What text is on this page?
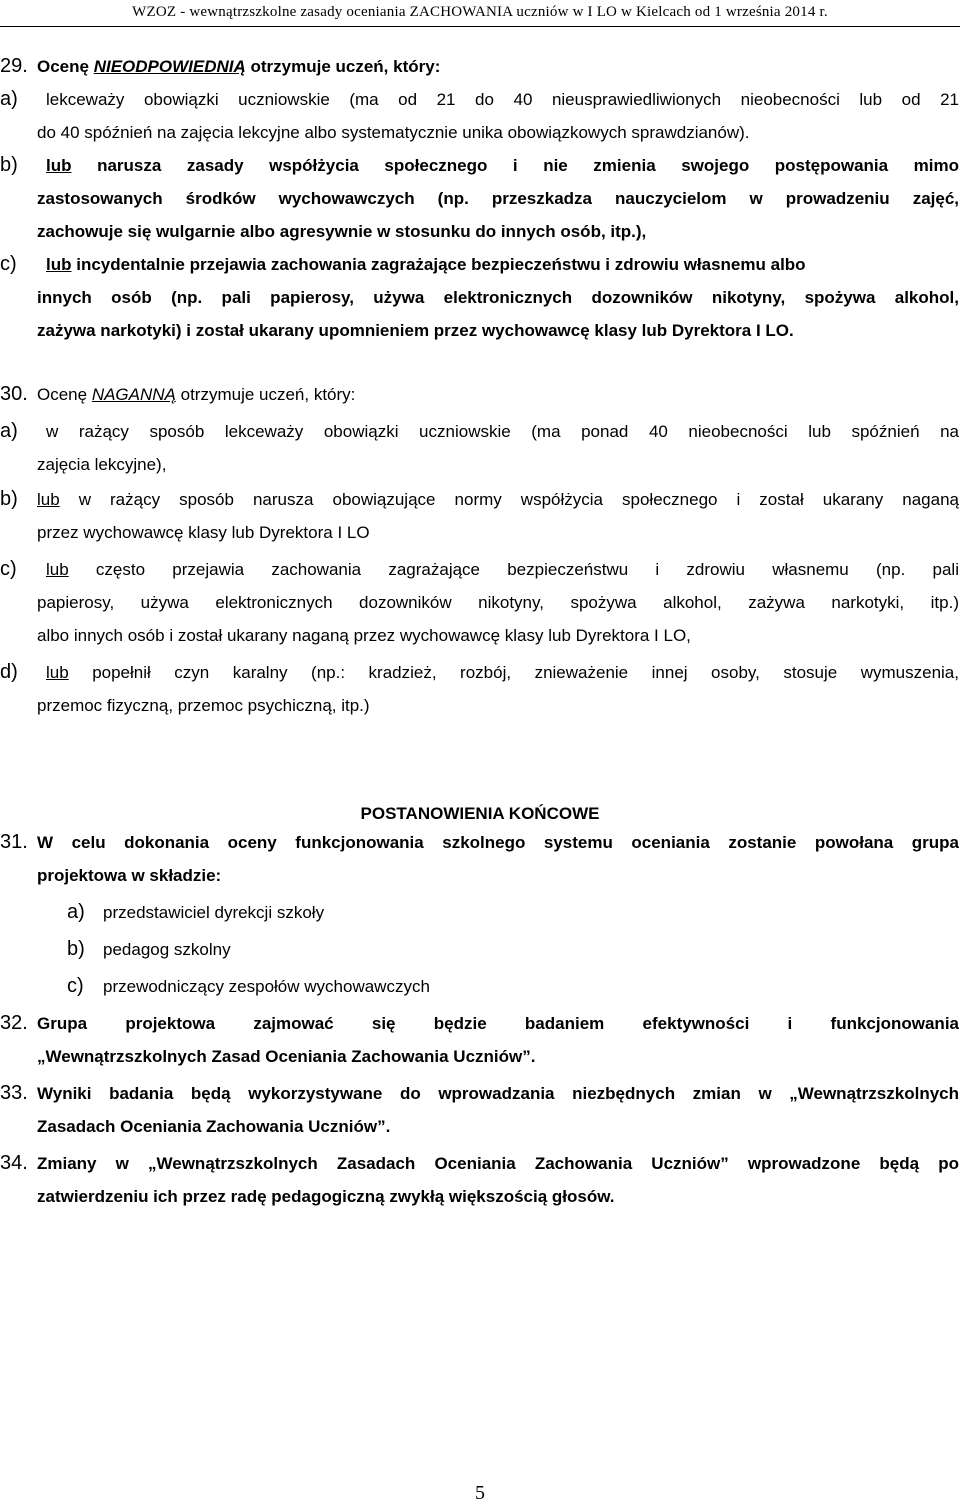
WZOZ - wewnątrzszkolne zasady oceniania ZACHOWANIA uczniów w I LO w Kielcach od 1 września 2014 r.
29. Ocenę NIEODPOWIEDNIĄ otrzymuje uczeń, który:
a) lekceważy obowiązki uczniowskie (ma od 21 do 40 nieusprawiedliwionych nieobecności lub od 21
do 40 spóźnień na zajęcia lekcyjne albo systematycznie unika obowiązkowych sprawdzianów).
b) lub narusza zasady współżycia społecznego i nie zmienia swojego postępowania mimo
zastosowanych środków wychowawczych (np. przeszkadza nauczycielom w prowadzeniu zajęć,
zachowuje się wulgarnie albo agresywnie w stosunku do innych osób, itp.),
c) lub incydentalnie przejawia zachowania zagrażające bezpieczeństwu i zdrowiu własnemu albo
innych osób (np. pali papierosy, używa elektronicznych dozowników nikotyny, spożywa alkohol,
zażywa narkotyki) i został ukarany upomnieniem przez wychowawcę klasy lub Dyrektora I LO.
30. Ocenę NAGANNĄ otrzymuje uczeń, który:
a) w rażący sposób lekceważy obowiązki uczniowskie (ma ponad 40 nieobecności lub spóźnień na
zajęcia lekcyjne),
b) lub w rażący sposób narusza obowiązujące normy współżycia społecznego i został ukarany naganą
przez wychowawcę klasy lub Dyrektora I LO
c) lub często przejawia zachowania zagrażające bezpieczeństwu i zdrowiu własnemu (np. pali
papierosy, używa elektronicznych dozowników nikotyny, spożywa alkohol, zażywa narkotyki, itp.)
albo innych osób i został ukarany naganą przez wychowawcę klasy lub Dyrektora I LO,
d) lub popełnił czyn karalny (np.: kradzież, rozbój, znieważenie innej osoby, stosuje wymuszenia,
przemoc fizyczną, przemoc psychiczną, itp.)
POSTANOWIENIA KOŃCOWE
31. W celu dokonania oceny funkcjonowania szkolnego systemu oceniania zostanie powołana grupa
projektowa w składzie:
a) przedstawiciel dyrekcji szkoły
b) pedagog szkolny
c) przewodniczący zespołów wychowawczych
32. Grupa projektowa zajmować się będzie badaniem efektywności i funkcjonowania
„Wewnątrzszkolnych Zasad Oceniania Zachowania Uczniów”.
33. Wyniki badania będą wykorzystywane do wprowadzania niezbędnych zmian w „Wewnątrzszkolnych
Zasadach Oceniania Zachowania Uczniów”.
34. Zmiany w „Wewnątrzszkolnych Zasadach Oceniania Zachowania Uczniów” wprowadzone będą po
zatwierdzeniu ich przez radę pedagogiczną zwykłą większością głosów.
5
